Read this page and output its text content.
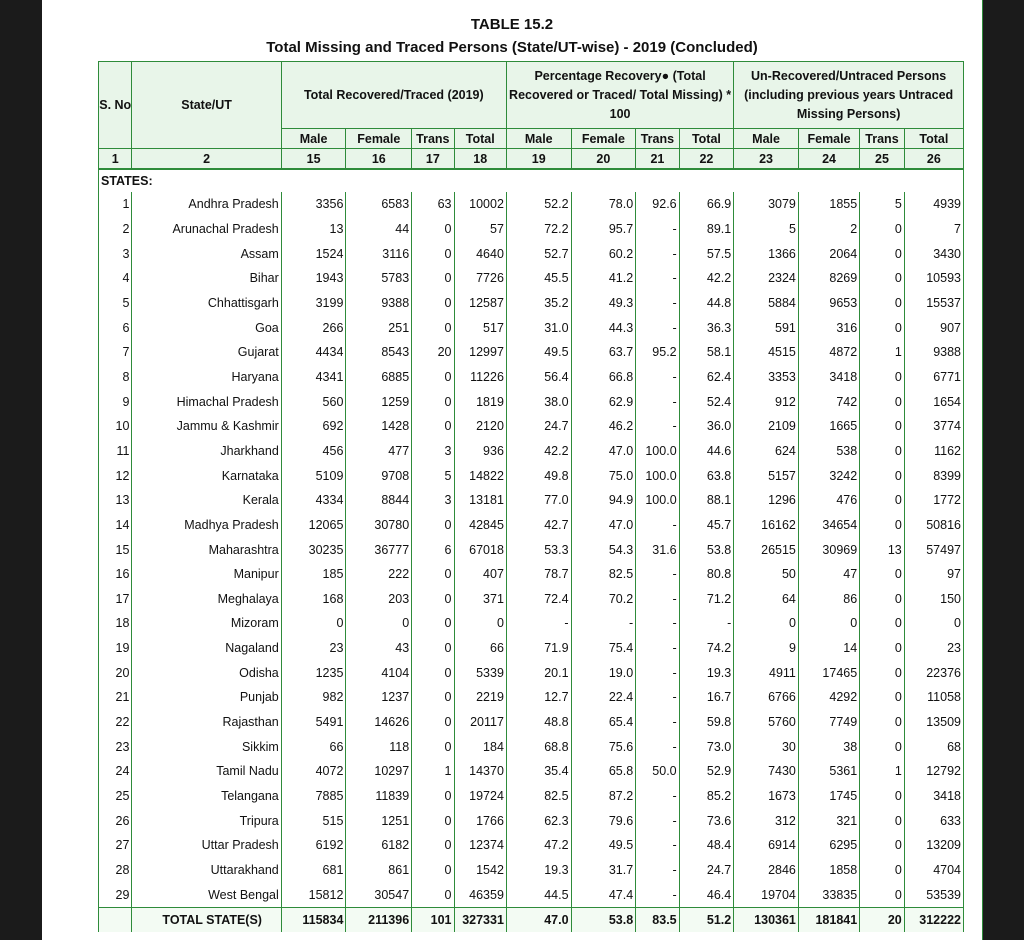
TABLE 15.2
Total Missing and Traced Persons (State/UT-wise) - 2019 (Concluded)
S. No	State/UT	Total Recovered/Traced (2019)				Percentage Recovery● (Total Recovered or Traced/ Total Missing) * 100				Un-Recovered/Untraced Persons (including previous years Untraced Missing Persons)			
		Male	Female	Trans	Total	Male	Female	Trans	Total	Male	Female	Trans	Total
1	2	15	16	17	18	19	20	21	22	23	24	25	26
STATES:													
1	Andhra Pradesh	3356	6583	63	10002	52.2	78.0	92.6	66.9	3079	1855	5	4939
2	Arunachal Pradesh	13	44	0	57	72.2	95.7	-	89.1	5	2	0	7
3	Assam	1524	3116	0	4640	52.7	60.2	-	57.5	1366	2064	0	3430
4	Bihar	1943	5783	0	7726	45.5	41.2	-	42.2	2324	8269	0	10593
5	Chhattisgarh	3199	9388	0	12587	35.2	49.3	-	44.8	5884	9653	0	15537
6	Goa	266	251	0	517	31.0	44.3	-	36.3	591	316	0	907
7	Gujarat	4434	8543	20	12997	49.5	63.7	95.2	58.1	4515	4872	1	9388
8	Haryana	4341	6885	0	11226	56.4	66.8	-	62.4	3353	3418	0	6771
9	Himachal Pradesh	560	1259	0	1819	38.0	62.9	-	52.4	912	742	0	1654
10	Jammu & Kashmir	692	1428	0	2120	24.7	46.2	-	36.0	2109	1665	0	3774
11	Jharkhand	456	477	3	936	42.2	47.0	100.0	44.6	624	538	0	1162
12	Karnataka	5109	9708	5	14822	49.8	75.0	100.0	63.8	5157	3242	0	8399
13	Kerala	4334	8844	3	13181	77.0	94.9	100.0	88.1	1296	476	0	1772
14	Madhya Pradesh	12065	30780	0	42845	42.7	47.0	-	45.7	16162	34654	0	50816
15	Maharashtra	30235	36777	6	67018	53.3	54.3	31.6	53.8	26515	30969	13	57497
16	Manipur	185	222	0	407	78.7	82.5	-	80.8	50	47	0	97
17	Meghalaya	168	203	0	371	72.4	70.2	-	71.2	64	86	0	150
18	Mizoram	0	0	0	0	-	-	-	-	0	0	0	0
19	Nagaland	23	43	0	66	71.9	75.4	-	74.2	9	14	0	23
20	Odisha	1235	4104	0	5339	20.1	19.0	-	19.3	4911	17465	0	22376
21	Punjab	982	1237	0	2219	12.7	22.4	-	16.7	6766	4292	0	11058
22	Rajasthan	5491	14626	0	20117	48.8	65.4	-	59.8	5760	7749	0	13509
23	Sikkim	66	118	0	184	68.8	75.6	-	73.0	30	38	0	68
24	Tamil Nadu	4072	10297	1	14370	35.4	65.8	50.0	52.9	7430	5361	1	12792
25	Telangana	7885	11839	0	19724	82.5	87.2	-	85.2	1673	1745	0	3418
26	Tripura	515	1251	0	1766	62.3	79.6	-	73.6	312	321	0	633
27	Uttar Pradesh	6192	6182	0	12374	47.2	49.5	-	48.4	6914	6295	0	13209
28	Uttarakhand	681	861	0	1542	19.3	31.7	-	24.7	2846	1858	0	4704
29	West Bengal	15812	30547	0	46359	44.5	47.4	-	46.4	19704	33835	0	53539
	TOTAL STATE(S)	115834	211396	101	327331	47.0	53.8	83.5	51.2	130361	181841	20	312222
